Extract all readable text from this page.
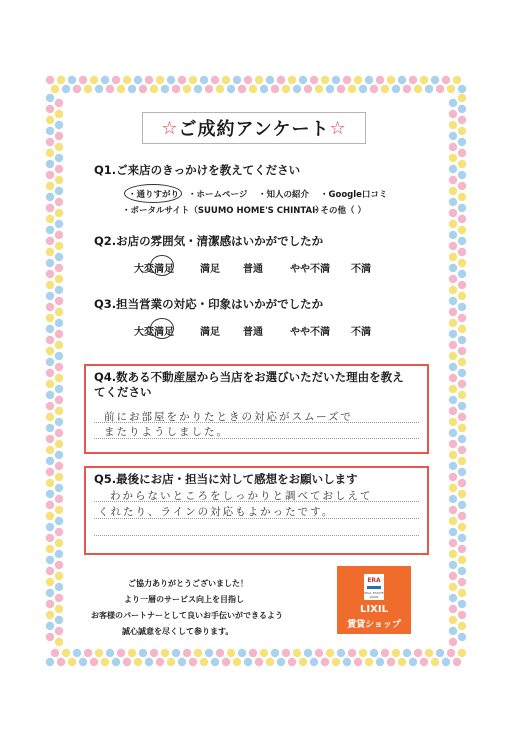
☆ ご成約アンケート ☆
Q1.ご来店のきっかけを教えてください
・通りすがり ・ホームページ ・知人の紹介 ・Google口コミ
・ポータルサイト（SUUMO HOME'S CHINTAI）
・その他（ ）
Q2.お店の雰囲気・清潔感はいかがでしたか
大変満足	満足 普通	やや不満 不満
Q3.担当営業の対応・印象はいかがでしたか
大変満足	満足 普通	やや不満 不満
Q4.数ある不動産屋から当店をお選びいただいた理由を教えてください
前にお部屋をかりたときの対応がスムーズで
またりようしました。
Q5.最後にお店・担当に対して感想をお願いします
わからないところをしっかりと調べておしえて
くれたり、ラインの対応もよかったです。
ご協力ありがとうございました！
より一層のサービス向上を目指し
お客様のパートナーとして良いお手伝いができるよう
誠心誠意を尽くして参ります。
ERA
REAL ESTATE JAPAN
LIXIL
賃貸ショップ
